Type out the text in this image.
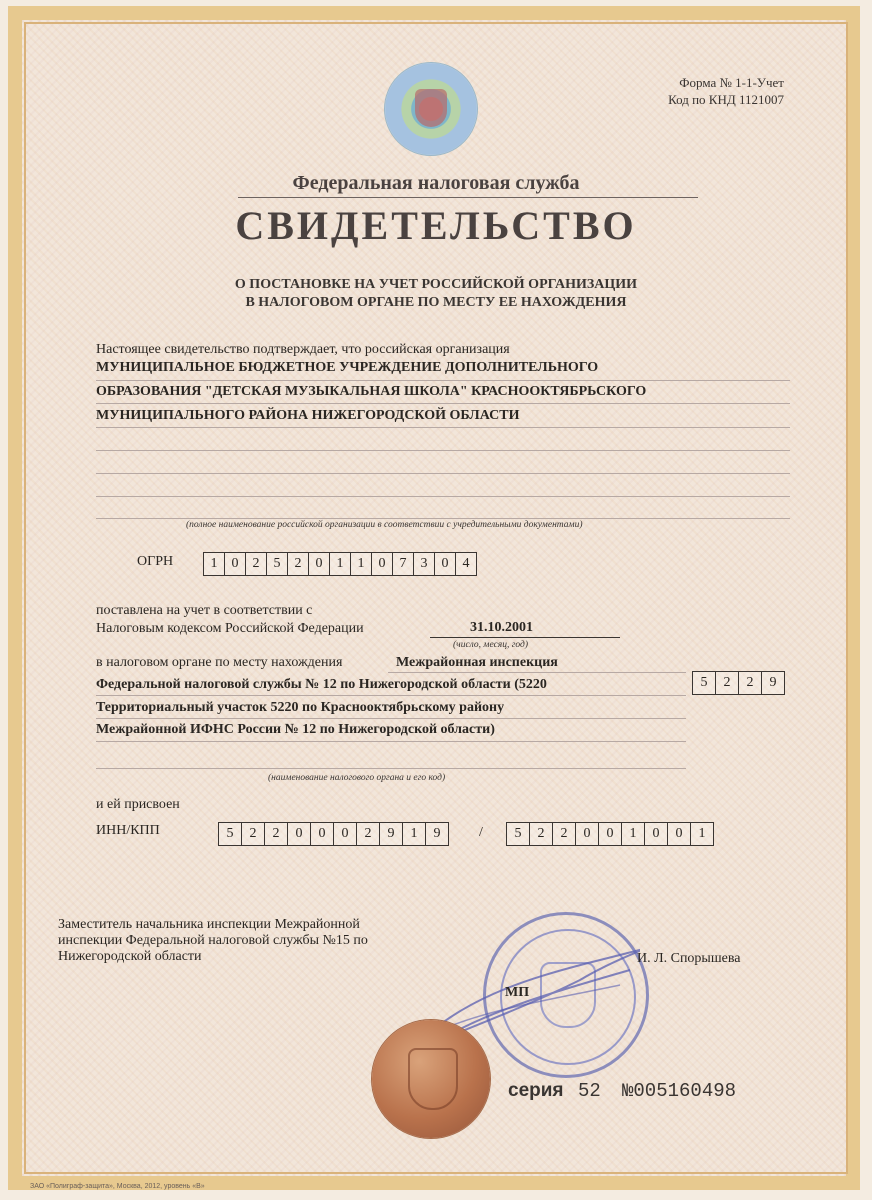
Форма № 1-1-Учет
Код по КНД 1121007
Федеральная налоговая служба
СВИДЕТЕЛЬСТВО
О ПОСТАНОВКЕ НА УЧЕТ РОССИЙСКОЙ ОРГАНИЗАЦИИ
В НАЛОГОВОМ ОРГАНЕ ПО МЕСТУ ЕЕ НАХОЖДЕНИЯ
Настоящее свидетельство подтверждает, что российская организация
МУНИЦИПАЛЬНОЕ БЮДЖЕТНОЕ УЧРЕЖДЕНИЕ ДОПОЛНИТЕЛЬНОГО
ОБРАЗОВАНИЯ "ДЕТСКАЯ МУЗЫКАЛЬНАЯ ШКОЛА" КРАСНООКТЯБРЬСКОГО
МУНИЦИПАЛЬНОГО РАЙОНА НИЖЕГОРОДСКОЙ ОБЛАСТИ
(полное наименование российской организации в соответствии с учредительными документами)
ОГРН	1	0	2	5	2	0	1	1	0	7	3	0	4
поставлена на учет в соответствии с
Налоговым кодексом Российской Федерации	31.10.2001
(число, месяц, год)
в налоговом органе по месту нахождения	Межрайонная инспекция
Федеральной налоговой службы № 12 по Нижегородской области (5220
Территориальный участок 5220 по Краснооктябрьскому району
Межрайонной ИФНС России № 12 по Нижегородской области)
5	2	2	9
(наименование налогового органа и его код)
и ей присвоен
ИНН/КПП	5	2	2	0	0	0	2	9	1	9	/	5	2	2	0	0	1	0	0	1
Заместитель начальника инспекции Межрайонной
инспекции Федеральной налоговой службы №15 по
Нижегородской области	И. Л. Спорышева
МП
серия 52 №005160498
ЗАО «Полиграф-защита», Москва, 2012, уровень «В»
